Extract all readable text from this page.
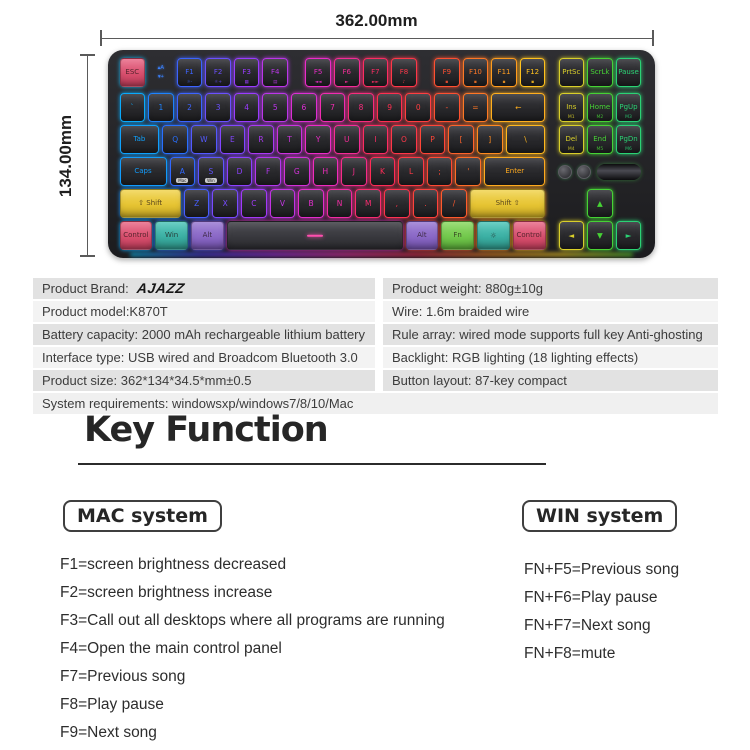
362.00mm
134.00mm
ESC	▴A
▾+
F1
☼-
F2
☼+
F3
▦
F4
▤
F5
◄◄
F6
►
F7
►►
F8
♪
F9
▪
F10
▪
F11
▪
F12
▪
`	1	2	3	4	5	6	7	8	9	0	-	=	←
Tab	Q	W	E	R	T	Y	U	I	O	P	[	]	\
Caps	A
Mac
S
Win
D	F	G	H	J	K	L	;	'	Enter
⇧ Shift	Z	X	C	V	B	N	M	,	.	/	Shift ⇧
Control Win	Alt	Alt	Fn	☼	Control
PrtSc ScrLk Pause
Ins
M1
Home
M2
PgUp
M3
Del
M4
End
M5
PgDn
M6
▲
◄	▼	►
Product Brand: AJAZZ	Product weight: 880g±10g
Product model:K870T	Wire: 1.6m braided wire
Battery capacity: 2000 mAh rechargeable lithium battery	Rule array: wired mode supports full key Anti-ghosting
Interface type: USB wired and Broadcom Bluetooth 3.0	Backlight: RGB lighting (18 lighting effects)
Product size: 362*134*34.5*mm±0.5	Button layout: 87-key compact
System requirements: windowsxp/windows7/8/10/Mac
Key Function
MAC system	WIN system
F1=screen brightness decreased
F2=screen brightness increase
F3=Call out all desktops where all programs are running
F4=Open the main control panel
F7=Previous song
F8=Play pause
F9=Next song
FN+F5=Previous song
FN+F6=Play pause
FN+F7=Next song
FN+F8=mute
